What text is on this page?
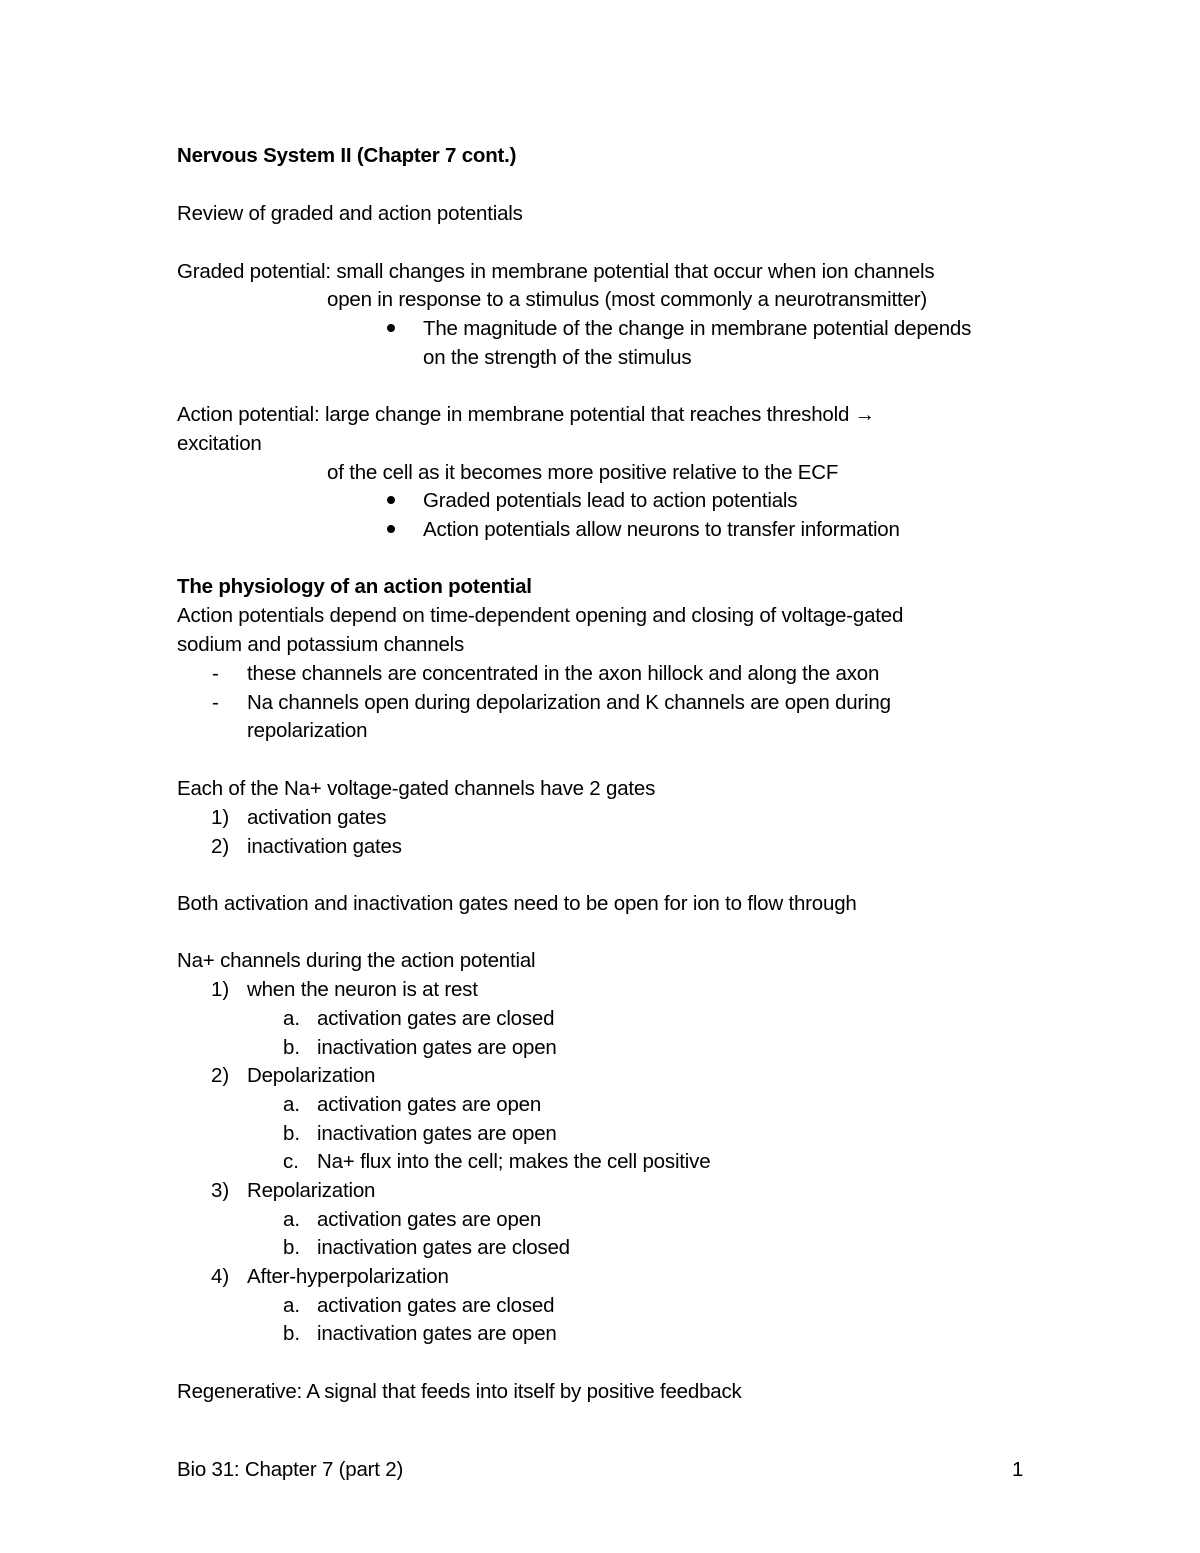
Nervous System II (Chapter 7 cont.)
Review of graded and action potentials
Graded potential: small changes in membrane potential that occur when ion channels
open in response to a stimulus (most commonly a neurotransmitter)
The magnitude of the change in membrane potential depends
on the strength of the stimulus
Action potential: large change in membrane potential that reaches threshold →
excitation
of the cell as it becomes more positive relative to the ECF
Graded potentials lead to action potentials
Action potentials allow neurons to transfer information
The physiology of an action potential
Action potentials depend on time-dependent opening and closing of voltage-gated
sodium and potassium channels
- these channels are concentrated in the axon hillock and along the axon
- Na channels open during depolarization and K channels are open during
repolarization
Each of the Na+ voltage-gated channels have 2 gates
1) activation gates
2) inactivation gates
Both activation and inactivation gates need to be open for ion to flow through
Na+ channels during the action potential
1) when the neuron is at rest
a. activation gates are closed
b. inactivation gates are open
2) Depolarization
a. activation gates are open
b. inactivation gates are open
c. Na+ flux into the cell; makes the cell positive
3) Repolarization
a. activation gates are open
b. inactivation gates are closed
4) After-hyperpolarization
a. activation gates are closed
b. inactivation gates are open
Regenerative: A signal that feeds into itself by positive feedback
Bio 31: Chapter 7 (part 2)	1
